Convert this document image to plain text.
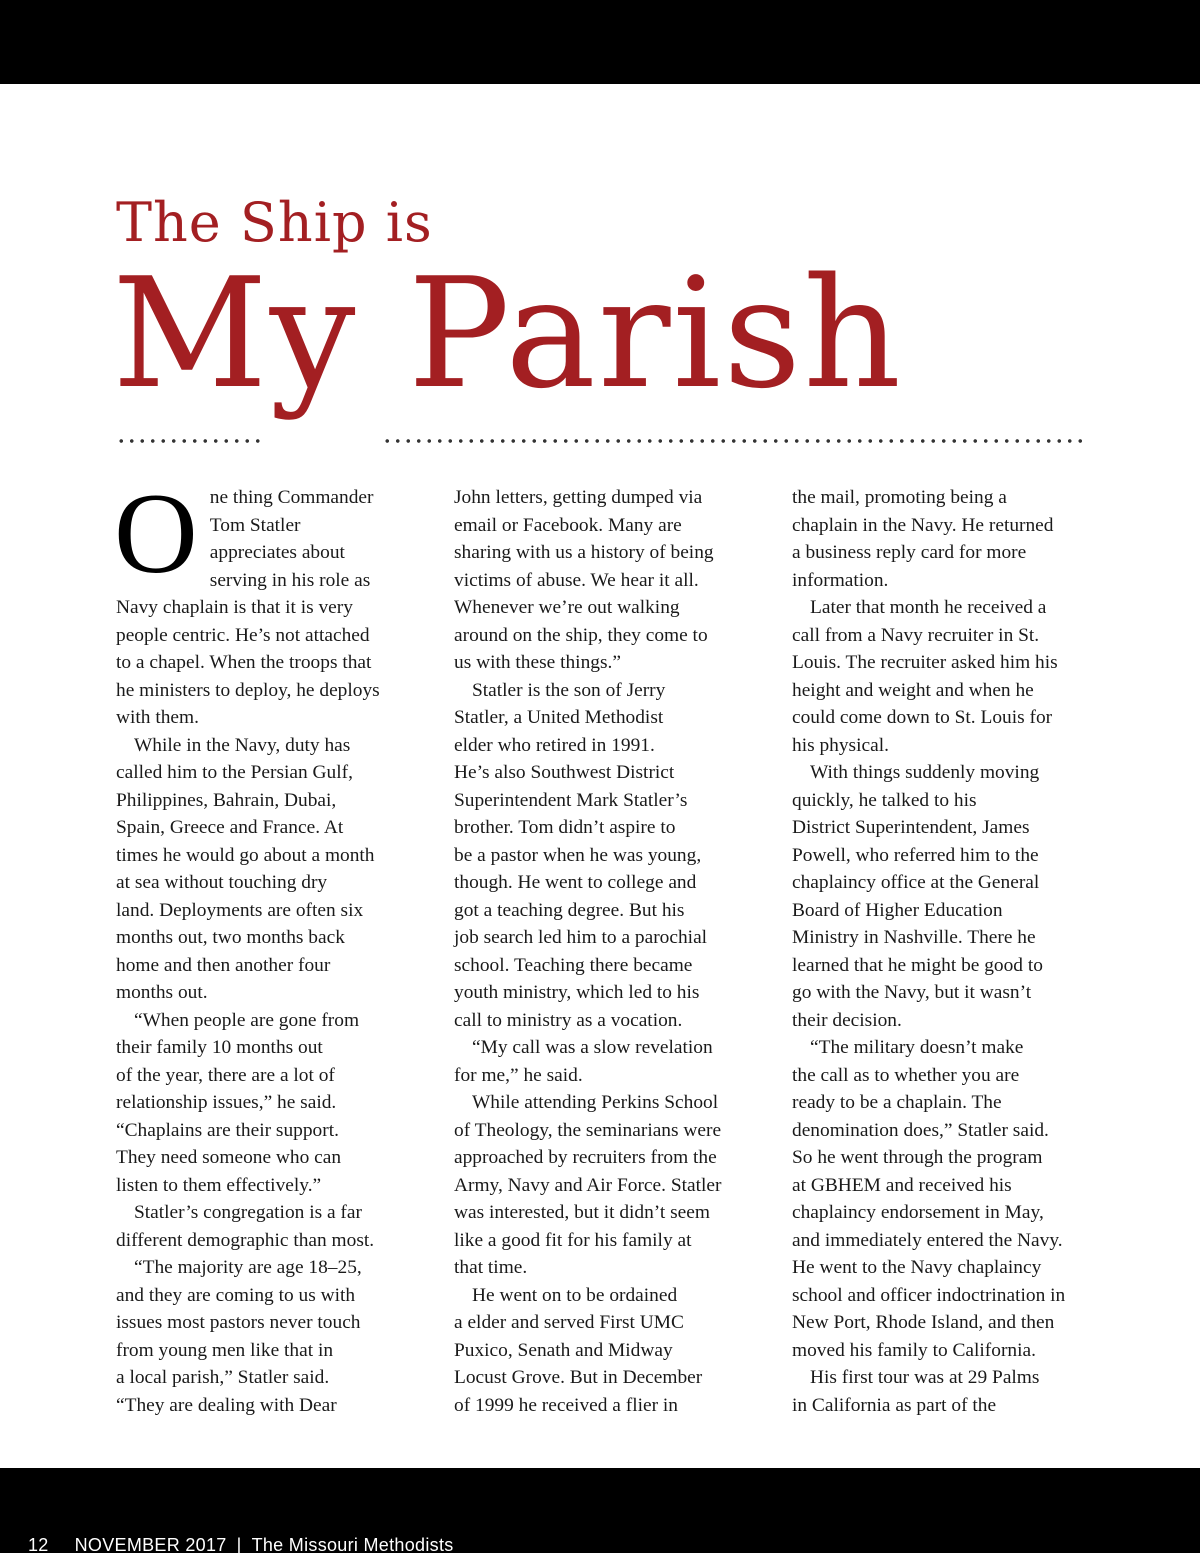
The Ship is
My Parish
O ne thing Commander
Tom Statler
appreciates about
serving in his role as
Navy chaplain is that it is very
people centric. He’s not attached
to a chapel. When the troops that
he ministers to deploy, he deploys
with them.
While in the Navy, duty has
called him to the Persian Gulf,
Philippines, Bahrain, Dubai,
Spain, Greece and France. At
times he would go about a month
at sea without touching dry
land. Deployments are often six
months out, two months back
home and then another four
months out.
“When people are gone from
their family 10 months out
of the year, there are a lot of
relationship issues,” he said.
“Chaplains are their support.
They need someone who can
listen to them effectively.”
Statler’s congregation is a far
different demographic than most.
“The majority are age 18–25,
and they are coming to us with
issues most pastors never touch
from young men like that in
a local parish,” Statler said.
“They are dealing with Dear
John letters, getting dumped via
email or Facebook. Many are
sharing with us a history of being
victims of abuse. We hear it all.
Whenever we’re out walking
around on the ship, they come to
us with these things.”
Statler is the son of Jerry
Statler, a United Methodist
elder who retired in 1991.
He’s also Southwest District
Superintendent Mark Statler’s
brother. Tom didn’t aspire to
be a pastor when he was young,
though. He went to college and
got a teaching degree. But his
job search led him to a parochial
school. Teaching there became
youth ministry, which led to his
call to ministry as a vocation.
“My call was a slow revelation
for me,” he said.
While attending Perkins School
of Theology, the seminarians were
approached by recruiters from the
Army, Navy and Air Force. Statler
was interested, but it didn’t seem
like a good fit for his family at
that time.
He went on to be ordained
a elder and served First UMC
Puxico, Senath and Midway
Locust Grove. But in December
of 1999 he received a flier in
the mail, promoting being a
chaplain in the Navy. He returned
a business reply card for more
information.
Later that month he received a
call from a Navy recruiter in St.
Louis. The recruiter asked him his
height and weight and when he
could come down to St. Louis for
his physical.
With things suddenly moving
quickly, he talked to his
District Superintendent, James
Powell, who referred him to the
chaplaincy office at the General
Board of Higher Education
Ministry in Nashville. There he
learned that he might be good to
go with the Navy, but it wasn’t
their decision.
“The military doesn’t make
the call as to whether you are
ready to be a chaplain. The
denomination does,” Statler said.
So he went through the program
at GBHEM and received his
chaplaincy endorsement in May,
and immediately entered the Navy.
He went to the Navy chaplaincy
school and officer indoctrination in
New Port, Rhode Island, and then
moved his family to California.
His first tour was at 29 Palms
in California as part of the
12 NOVEMBER 2017 | The Missouri Methodists
